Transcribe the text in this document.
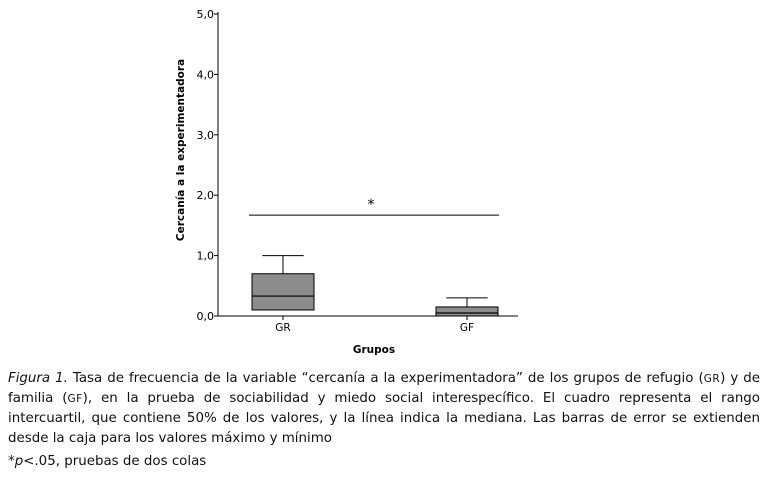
0,0
1,0
2,0
3,0
4,0
5,0
GR	GF
*
Cercanía a la experimentadora
Grupos
Figura 1. Tasa de frecuencia de la variable “cercanía a la experimentadora” de los grupos de refugio (GR) y de familia (GF), en la prueba de sociabilidad y miedo social interespecífico. El cuadro representa el rango intercuartil, que contiene 50% de los valores, y la línea indica la mediana. Las barras de error se extienden desde la caja para los valores máximo y mínimo
*p<.05, pruebas de dos colas
